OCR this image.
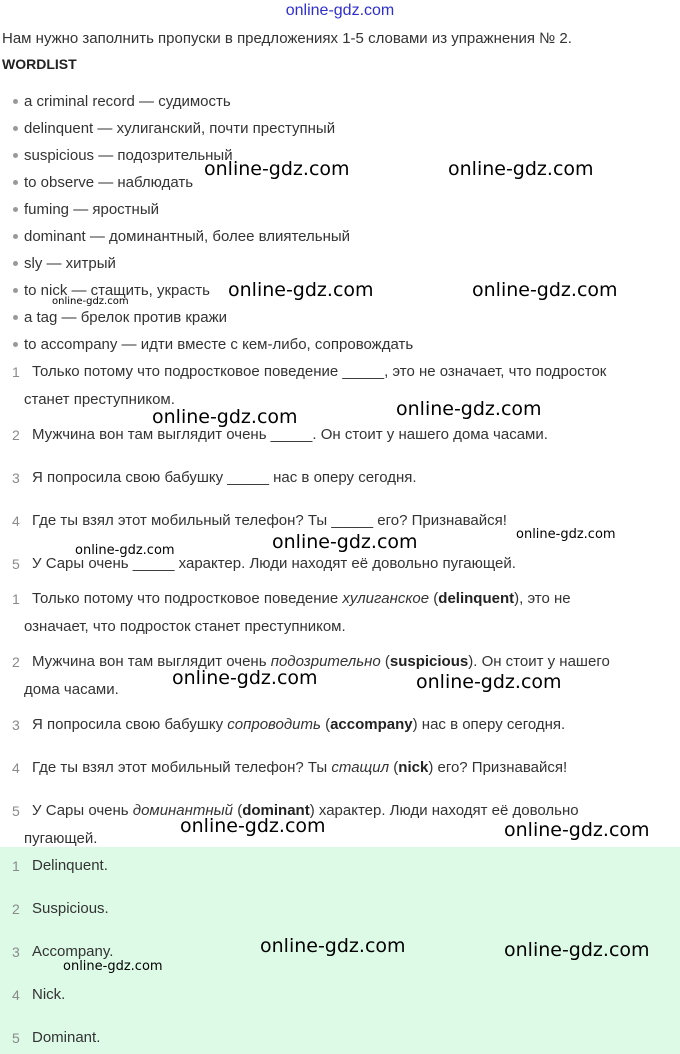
online-gdz.com
Нам нужно заполнить пропуски в предложениях 1-5 словами из упражнения № 2.
WORDLIST
a criminal record — судимость
delinquent — хулиганский, почти преступный
suspicious — подозрительный
to observe — наблюдать
fuming — яростный
dominant — доминантный, более влиятельный
sly — хитрый
to nick — стащить, украсть
a tag — брелок против кражи
to accompany — идти вместе с кем-либо, сопровождать
1 Только потому что подростковое поведение _____, это не означает, что подросток
станет преступником.
2 Мужчина вон там выглядит очень _____. Он стоит у нашего дома часами.
3 Я попросила свою бабушку _____ нас в оперу сегодня.
4 Где ты взял этот мобильный телефон? Ты _____ его? Признавайся!
5 У Сары очень _____ характер. Люди находят её довольно пугающей.
1 Только потому что подростковое поведение хулиганское (delinquent), это не
означает, что подросток станет преступником.
2 Мужчина вон там выглядит очень подозрительно (suspicious). Он стоит у нашего
дома часами.
3 Я попросила свою бабушку сопроводить (accompany) нас в оперу сегодня.
4 Где ты взял этот мобильный телефон? Ты стащил (nick) его? Признавайся!
5 У Сары очень доминантный (dominant) характер. Люди находят её довольно
пугающей.
1 Delinquent.
2 Suspicious.
3 Accompany.
4 Nick.
5 Dominant.
online-gdz.com	online-gdz.com
online-gdz.com	online-gdz.com
online-gdz.com
online-gdz.com	online-gdz.com
online-gdz.com	online-gdz.com
online-gdz.com
online-gdz.com	online-gdz.com
online-gdz.com	online-gdz.com
online-gdz.com	online-gdz.com
online-gdz.com
